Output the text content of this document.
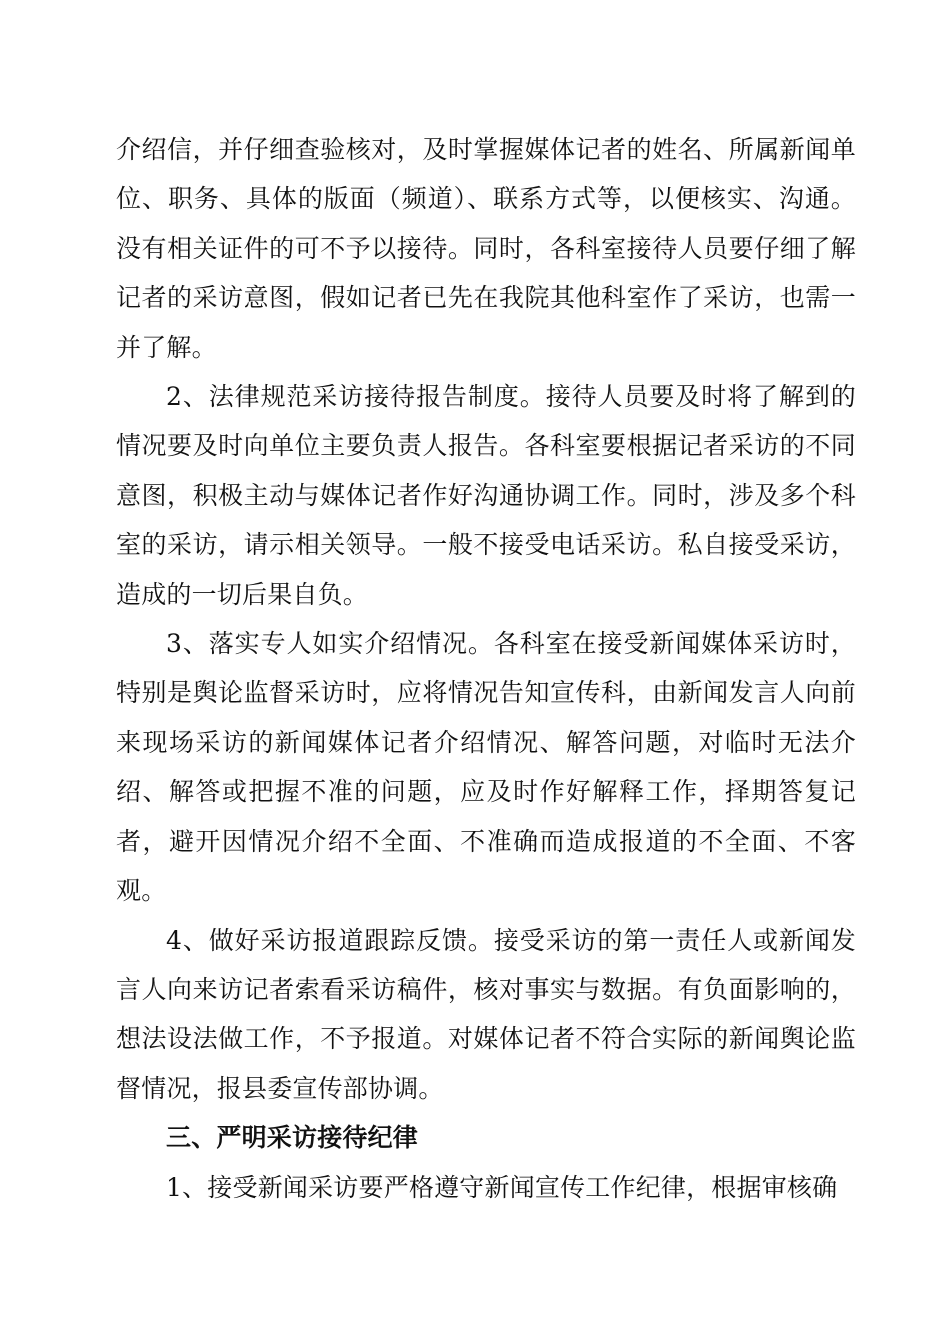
介绍信，并仔细查验核对，及时掌握媒体记者的姓名、所属新闻单位、职务、具体的版面（频道）、联系方式等，以便核实、沟通。没有相关证件的可不予以接待。同时，各科室接待人员要仔细了解记者的采访意图，假如记者已先在我院其他科室作了采访，也需一并了解。

2、法律规范采访接待报告制度。接待人员要及时将了解到的情况要及时向单位主要负责人报告。各科室要根据记者采访的不同意图，积极主动与媒体记者作好沟通协调工作。同时，涉及多个科室的采访，请示相关领导。一般不接受电话采访。私自接受采访，造成的一切后果自负。

3、落实专人如实介绍情况。各科室在接受新闻媒体采访时，特别是舆论监督采访时，应将情况告知宣传科，由新闻发言人向前来现场采访的新闻媒体记者介绍情况、解答问题，对临时无法介绍、解答或把握不准的问题，应及时作好解释工作，择期答复记者，避开因情况介绍不全面、不准确而造成报道的不全面、不客观。

4、做好采访报道跟踪反馈。接受采访的第一责任人或新闻发言人向来访记者索看采访稿件，核对事实与数据。有负面影响的，想法设法做工作，不予报道。对媒体记者不符合实际的新闻舆论监督情况，报县委宣传部协调。

三、严明采访接待纪律

1、接受新闻采访要严格遵守新闻宣传工作纪律，根据审核确
